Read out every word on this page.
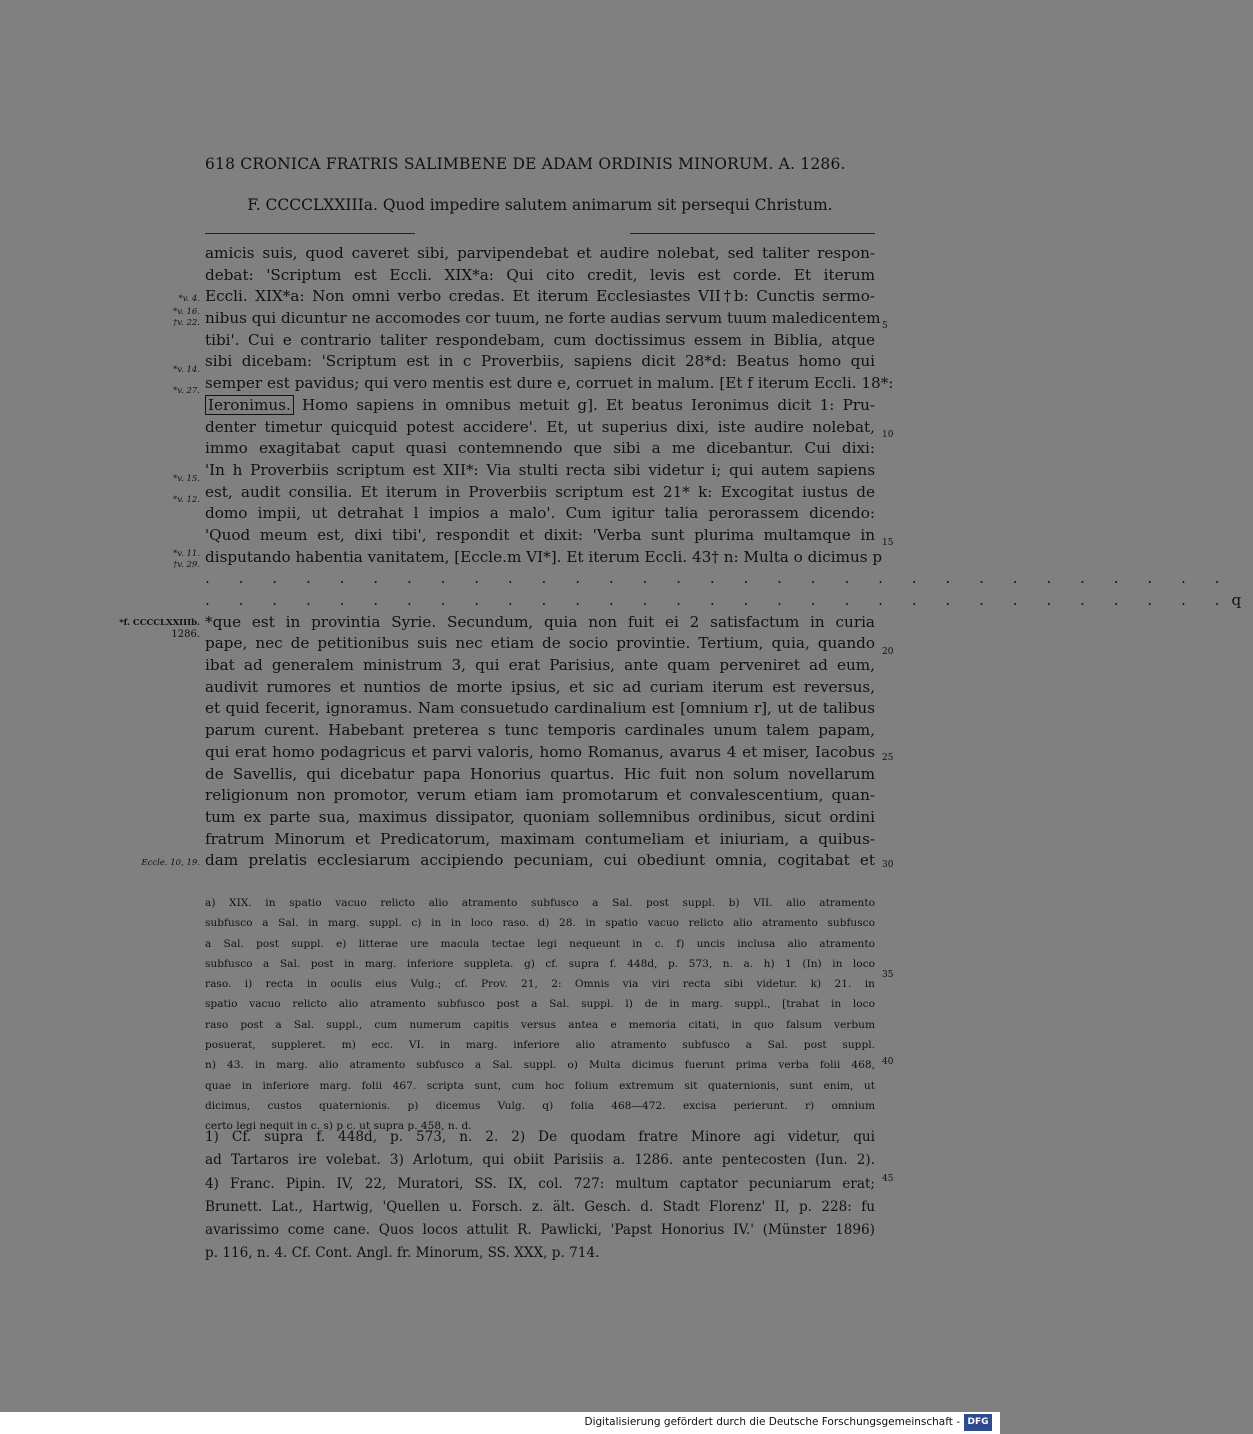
618 CRONICA FRATRIS SALIMBENE DE ADAM ORDINIS MINORUM. A. 1286.
F. CCCCLXXIIIa. Quod impedire salutem animarum sit persequi Christum.
amicis suis, quod caveret sibi, parvipendebat et audire nolebat, sed taliter respon-
debat: 'Scriptum est Eccli. XIX*a: Qui cito credit, levis est corde. Et iterum
Eccli. XIX*a: Non omni verbo credas. Et iterum Ecclesiastes VII†b: Cunctis sermo-
nibus qui dicuntur ne accomodes cor tuum, ne forte audias servum tuum maledicentem
tibi'. Cui e contrario taliter respondebam, cum doctissimus essem in Biblia, atque
sibi dicebam: 'Scriptum est in c Proverbiis, sapiens dicit 28*d: Beatus homo qui
semper est pavidus; qui vero mentis est dure e, corruet in malum. [Et f iterum Eccli. 18*:
Ieronimus. Homo sapiens in omnibus metuit g]. Et beatus Ieronimus dicit 1: Pru-
denter timetur quicquid potest accidere'. Et, ut superius dixi, iste audire nolebat,
immo exagitabat caput quasi contemnendo que sibi a me dicebantur. Cui dixi:
'In h Proverbiis scriptum est XII*: Via stulti recta sibi videtur i; qui autem sapiens
est, audit consilia. Et iterum in Proverbiis scriptum est 21* k: Excogitat iustus de
domo impii, ut detrahat l impios a malo'. Cum igitur talia perorassem dicendo:
'Quod meum est, dixi tibi', respondit et dixit: 'Verba sunt plurima multamque in
disputando habentia vanitatem, [Eccle.m VI*]. Et iterum Eccli. 43† n: Multa o dicimus p
. . . . . . . . . . . . . . . . . . . . . . . . . . . . . . .
. . . . . . . . . . . . . . . . . . . . . . . . . . . . . . .q
*que est in provintia Syrie. Secundum, quia non fuit ei 2 satisfactum in curia
pape, nec de petitionibus suis nec etiam de socio provintie. Tertium, quia, quando
ibat ad generalem ministrum 3, qui erat Parisius, ante quam perveniret ad eum,
audivit rumores et nuntios de morte ipsius, et sic ad curiam iterum est reversus,
et quid fecerit, ignoramus. Nam consuetudo cardinalium est [omnium r], ut de talibus
parum curent. Habebant preterea s tunc temporis cardinales unum talem papam,
qui erat homo podagricus et parvi valoris, homo Romanus, avarus 4 et miser, Iacobus
de Savellis, qui dicebatur papa Honorius quartus. Hic fuit non solum novellarum
religionum non promotor, verum etiam iam promotarum et convalescentium, quan-
tum ex parte sua, maximus dissipator, quoniam sollemnibus ordinibus, sicut ordini
fratrum Minorum et Predicatorum, maximam contumeliam et iniuriam, a quibus-
dam prelatis ecclesiarum accipiendo pecuniam, cui obediunt omnia, cogitabat et
*v. 4.
*v. 16.
†v. 22.
*v. 14.
*v. 27.
*v. 15.
*v. 12.
*v. 11.
†v. 29.
*f. CCCCLXXIIIb.
1286.
Eccle. 10, 19.
5
10
15
20
25
30
35
40
45
a) XIX. in spatio vacuo relicto alio atramento subfusco a Sal. post suppl. b) VII. alio atramento
subfusco a Sal. in marg. suppl. c) in in loco raso. d) 28. in spatio vacuo relicto alio atramento subfusco
a Sal. post suppl. e) litterae ure macula tectae legi nequeunt in c. f) uncis inclusa alio atramento
subfusco a Sal. post in marg. inferiore suppleta. g) cf. supra f. 448d, p. 573, n. a. h) 1 (In) in loco
raso. i) recta in oculis eius Vulg.; cf. Prov. 21, 2: Omnis via viri recta sibi videtur. k) 21. in
spatio vacuo relicto alio atramento subfusco post a Sal. suppl. l) de in marg. suppl., [trahat in loco
raso post a Sal. suppl., cum numerum capitis versus antea e memoria citati, in quo falsum verbum
posuerat, suppleret. m) ecc. VI. in marg. inferiore alio atramento subfusco a Sal. post suppl.
n) 43. in marg. alio atramento subfusco a Sal. suppl. o) Multa dicimus fuerunt prima verba folii 468,
quae in inferiore marg. folii 467. scripta sunt, cum hoc folium extremum sit quaternionis, sunt enim, ut
dicimus, custos quaternionis. p) dicemus Vulg. q) folia 468—472. excisa perierunt. r) omnium
certo legi nequit in c. s) p c. ut supra p. 458, n. d.
1) Cf. supra f. 448d, p. 573, n. 2. 2) De quodam fratre Minore agi videtur, qui
ad Tartaros ire volebat. 3) Arlotum, qui obiit Parisiis a. 1286. ante pentecosten (Iun. 2).
4) Franc. Pipin. IV, 22, Muratori, SS. IX, col. 727: multum captator pecuniarum erat;
Brunett. Lat., Hartwig, 'Quellen u. Forsch. z. ält. Gesch. d. Stadt Florenz' II, p. 228: fu
avarissimo come cane. Quos locos attulit R. Pawlicki, 'Papst Honorius IV.' (Münster 1896)
p. 116, n. 4. Cf. Cont. Angl. fr. Minorum, SS. XXX, p. 714.
Digitalisierung gefördert durch die Deutsche Forschungsgemeinschaft - DFG
